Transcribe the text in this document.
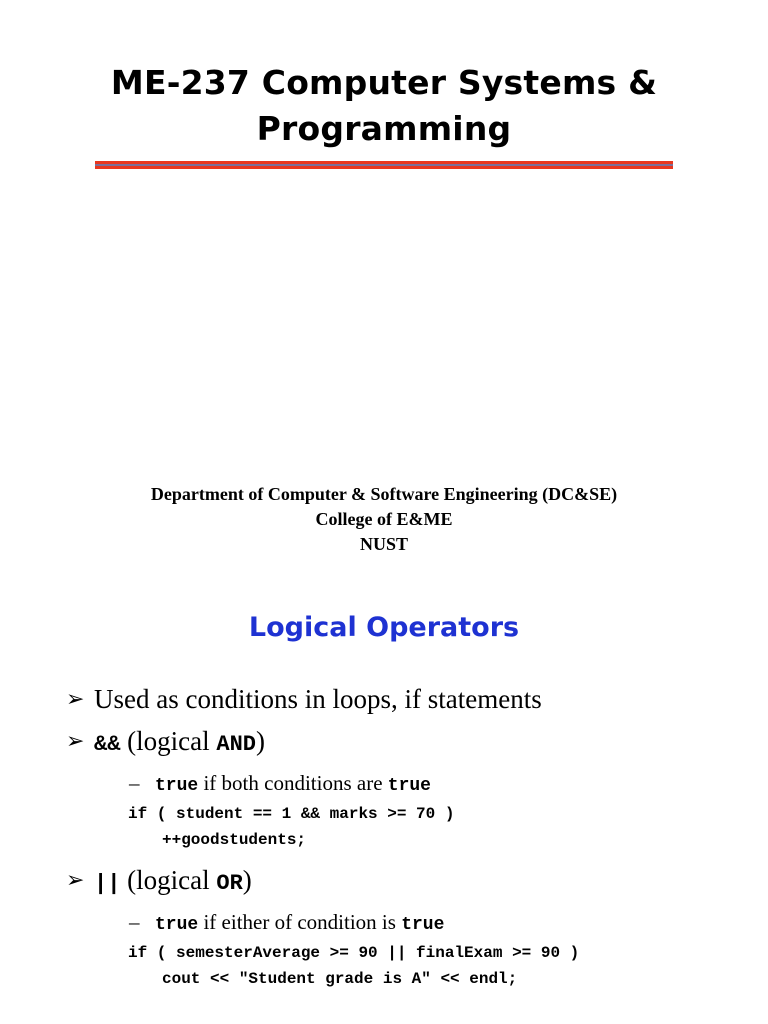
ME-237 Computer Systems &
Programming
Department of Computer & Software Engineering (DC&SE)
College of E&ME
NUST
Logical Operators
➢ Used as conditions in loops, if statements
➢ && (logical AND)
– true if both conditions are true
if ( student == 1 && marks >= 70 )
++goodstudents;
➢ || (logical OR)
– true if either of condition is true
if ( semesterAverage >= 90 || finalExam >= 90 )
cout << "Student grade is A" << endl;
